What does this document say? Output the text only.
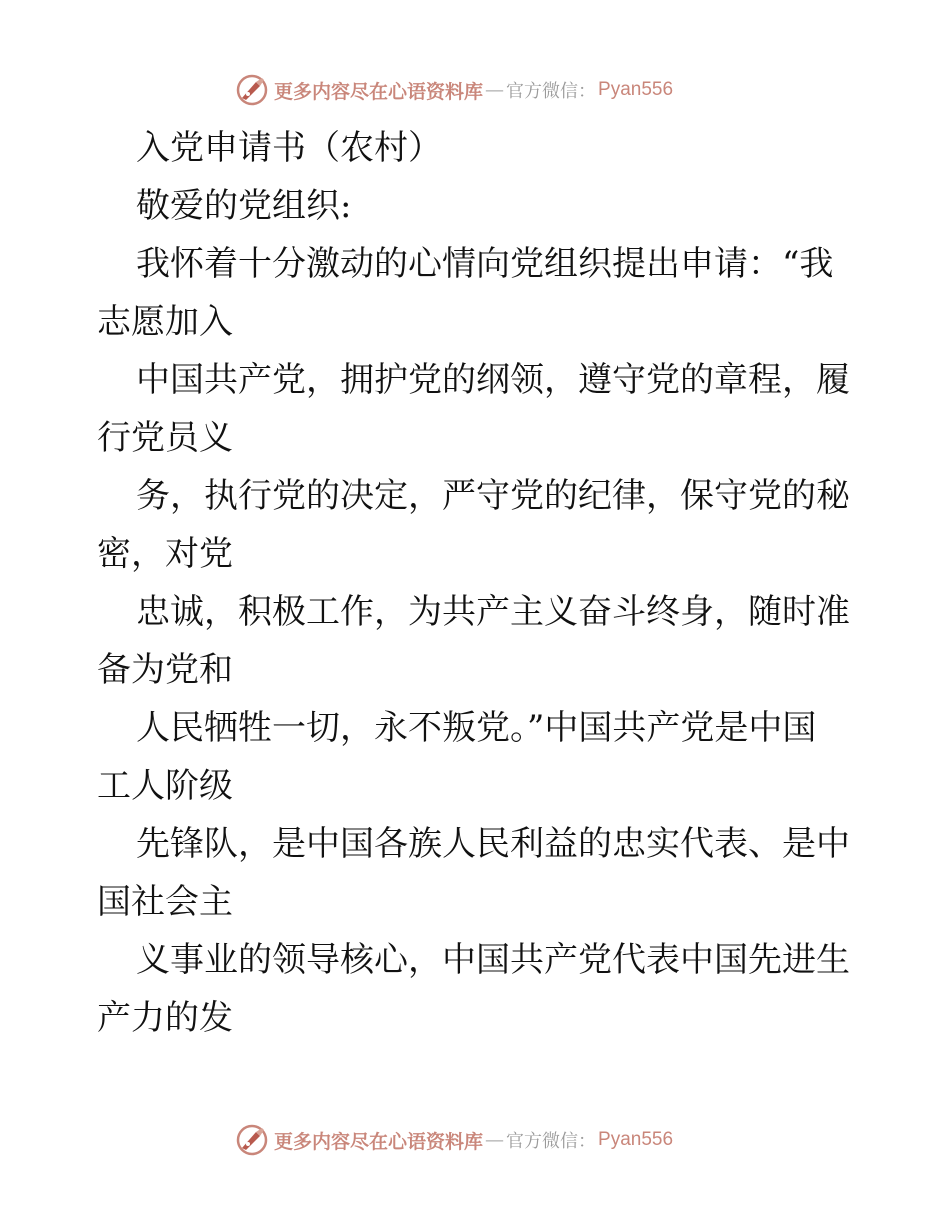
更多内容尽在心语资料库 — 官方微信： Pyan556
入党申请书（农村）
敬爱的党组织:
我怀着十分激动的心情向党组织提出申请：“我
志愿加入
中国共产党，拥护党的纲领，遵守党的章程，履
行党员义
务，执行党的决定，严守党的纪律，保守党的秘
密，对党
忠诚，积极工作，为共产主义奋斗终身，随时准
备为党和
人民牺牲一切，永不叛党。”中国共产党是中国
工人阶级
先锋队，是中国各族人民利益的忠实代表、是中
国社会主
义事业的领导核心，中国共产党代表中国先进生
产力的发
更多内容尽在心语资料库 — 官方微信： Pyan556
